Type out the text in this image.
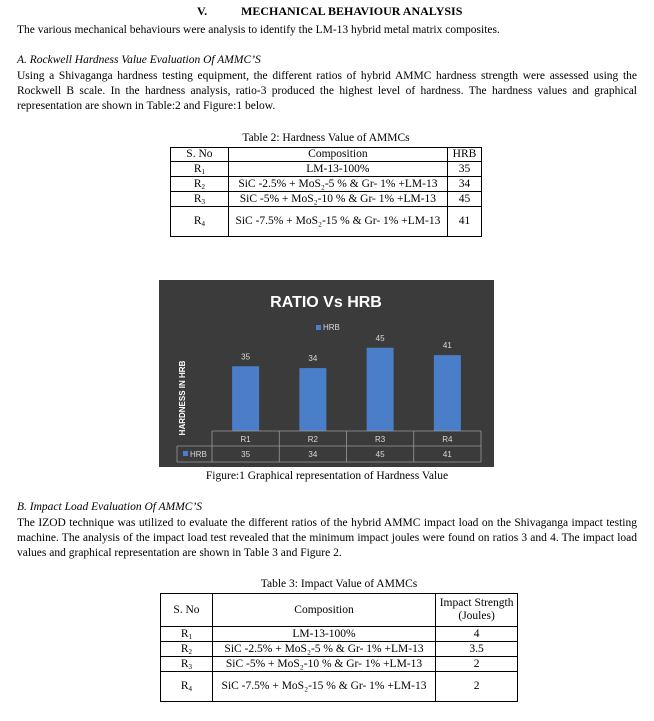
V.	MECHANICAL BEHAVIOUR ANALYSIS

The various mechanical behaviours were analysis to identify the LM-13 hybrid metal matrix composites.

A. Rockwell Hardness Value Evaluation Of AMMC’S

Using a Shivaganga hardness testing equipment, the different ratios of hybrid AMMC hardness strength were assessed using the Rockwell B scale. In the hardness analysis, ratio-3 produced the highest level of hardness. The hardness values and graphical representation are shown in Table:2 and Figure:1 below.

Table 2: Hardness Value of AMMCs
S. No	Composition	HRB
$R_1$	LM-13-100%	35
$R_2$	SiC -2.5% + MoS₂-5 % & Gr- 1% +LM-13	34
$R_3$	SiC -5% + MoS₂-10 % & Gr- 1% +LM-13	45
$R_4$	SiC -7.5% + MoS₂-15 % & Gr- 1% +LM-13	41
RATIO Vs HRB
HRB
HARDNESS IN HRB
35	34
45
41
R1
35
R2
34
R3
45
R4
41
HRB
Figure:1 Graphical representation of Hardness Value
B. Impact Load Evaluation Of AMMC’S

The IZOD technique was utilized to evaluate the different ratios of the hybrid AMMC impact load on the Shivaganga impact testing machine. The analysis of the impact load test revealed that the minimum impact joules were found on ratios 3 and 4. The impact load values and graphical representation are shown in Table 3 and Figure 2.

Table 3: Impact Value of AMMCs
S. No	Composition	Impact Strength (Joules)
$R_1$	LM-13-100%	4
$R_2$	SiC -2.5% + MoS₂-5 % & Gr- 1% +LM-13	3.5
$R_3$	SiC -5% + MoS₂-10 % & Gr- 1% +LM-13	2
$R_4$	SiC -7.5% + MoS₂-15 % & Gr- 1% +LM-13	2
